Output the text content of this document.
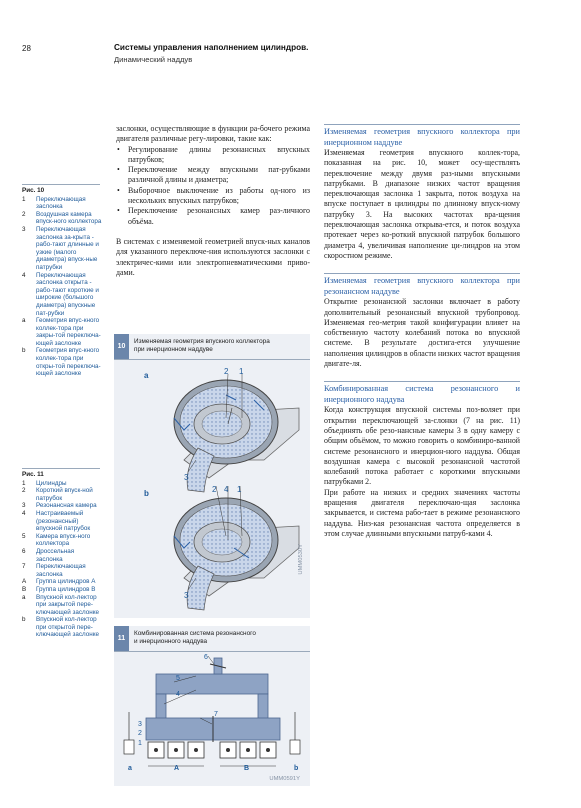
28	Системы управления наполнением цилиндров.
Динамический наддув
Рис. 10
1	Переключающая заслонка
2	Воздушная камера впуск-ного коллектора
3	Переключающая заслонка за-крыта - рабо-тают длинные и узкие (малого диаметра) впуск-ные патрубки
4	Переключающая заслонка открыта - рабо-тают короткие и широкие (большого диаметра) впускные пат-рубки
a	Геометрия впус-кного коллек-тора при закры-той переключа-ющей заслонке
b	Геометрия впус-кного коллек-тора при откры-той переключа-ющей заслонке
Рис. 11
1	Цилиндры
2	Короткий впуск-ной патрубок
3	Резонансная камера
4	Настраиваемый (резонансный) впускной патрубок
5	Камера впуск-ного коллектора
6	Дроссельная заслонка
7	Переключающая заслонка
A	Группа цилиндров A
B	Группа цилиндров B
a	Впускной кол-лектор при закрытой пере-ключающей заслонке
b	Впускной кол-лектор при открытой пере-ключающей заслонке

заслонки, осуществляющие в функции ра-бочего режима двигателя различные регу-лировки, такие как:

• Регулирование длины резонансных впускных патрубков;
• Переключение между впускными пат-рубками различной длины и диаметра;
• Выборочное выключение из работы од-ного из нескольких впускных патрубков;
• Переключение резонансных камер раз-личного объёма.

В системах с изменяемой геометрией впуск-ных каналов для указанного переключе-ния используются заслонки с электричес-кими или электропневматическими приво-дами.

10
Изменяемая геометрия впускного коллектора
при инерционном наддуве
a	2 1
3
b	2 4 1
3
UMM0530Y
11
Комбинированная система резонансного
и инерционного наддува
6
5
4
7
3
2
1
a	A	B	b
UMM0591Y
Изменяемая геометрия впускного коллектора при инерционном наддуве

Изменяемая геометрия впускного коллек-тора, показанная на рис. 10, может осу-ществлять переключение между двумя раз-ными впускными патрубками. В диапазоне низких частот вращения переключающая заслонка 1 закрыта, поток воздуха на впуске поступает в цилиндры по длинному впуск-ному патрубку 3. На высоких частотах вра-щения переключающая заслонка открыва-ется, и поток воздуха протекает через ко-роткий впускной патрубок большого диаметра 4, увеличивая наполнение ци-линдров на этом скоростном режиме.

Изменяемая геометрия впускного коллектора при резонансном наддуве

Открытие резонансной заслонки включает в работу дополнительный резонансный впускной трубопровод. Изменяемая гео-метрия такой конфигурации влияет на собственную частоту колебаний потока во впускной системе. В результате достига-ется улучшение наполнения цилиндров в области низких частот вращения двигате-ля.

Комбинированная система резонансного и инерционного наддува

Когда конструкция впускной системы поз-воляет при открытии переключающей за-слонки (7 на рис. 11) объединять обе резо-нансные камеры 3 в одну камеру с общим объёмом, то можно говорить о комбиниро-ванной системе резонансного и инерцион-ного наддува. Общая воздушная камера с высокой резонансной частотой колебаний потока работает с короткими впускными патрубками 2.

При работе на низких и средних значениях частоты вращения двигателя переключаю-щая заслонка закрывается, и система рабо-тает в режиме резонансного наддува. Низ-кая резонансная частота определяется в этом случае длинными впускными патруб-ками 4.
